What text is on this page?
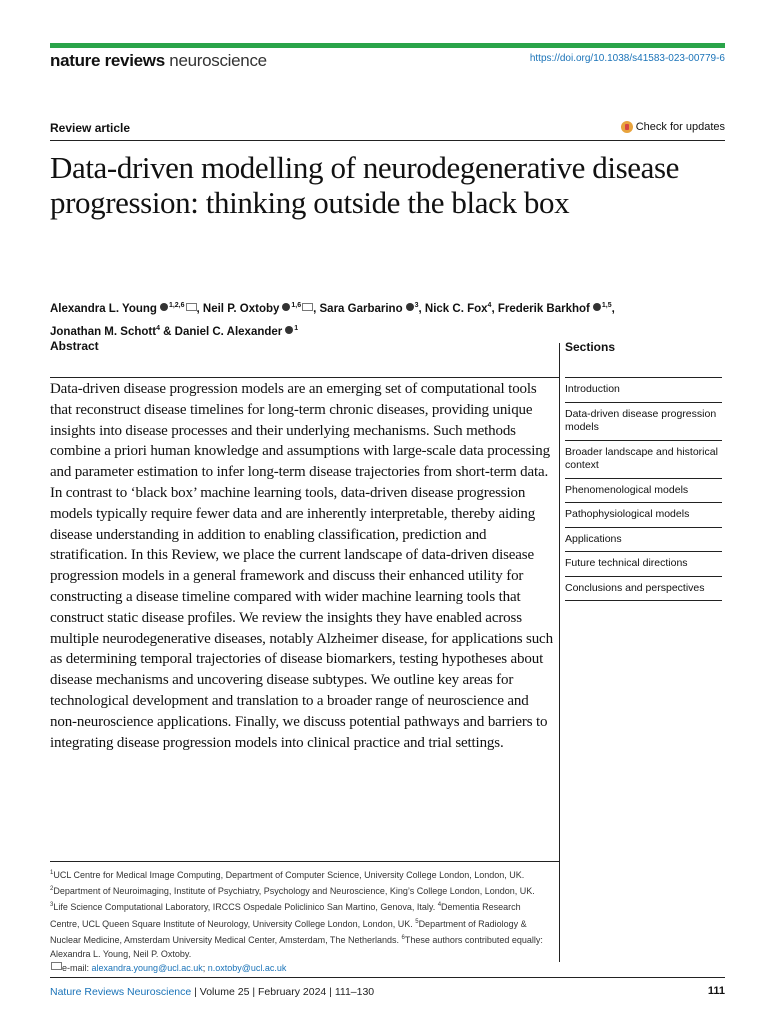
nature reviews neuroscience	https://doi.org/10.1038/s41583-023-00779-6
Review article	Check for updates
Data-driven modelling of neurodegenerative disease progression: thinking outside the black box
Alexandra L. Young $^{1,2,6}$ , Neil P. Oxtoby $^{1,6}$ , Sara Garbarino $^3$, Nick C. Fox$^4$, Frederik Barkhof $^{1,5}$,
Jonathan M. Schott$^4$ & Daniel C. Alexander $^1$
Abstract

Data-driven disease progression models are an emerging set of computational tools that reconstruct disease timelines for long-term chronic diseases, providing unique insights into disease processes and their underlying mechanisms. Such methods combine a priori human knowledge and assumptions with large-scale data processing and parameter estimation to infer long-term disease trajectories from short-term data. In contrast to ‘black box’ machine learning tools, data-driven disease progression models typically require fewer data and are inherently interpretable, thereby aiding disease understanding in addition to enabling classification, prediction and stratification. In this Review, we place the current landscape of data-driven disease progression models in a general framework and discuss their enhanced utility for constructing a disease timeline compared with wider machine learning tools that construct static disease profiles. We review the insights they have enabled across multiple neurodegenerative diseases, notably Alzheimer disease, for applications such as determining temporal trajectories of disease biomarkers, testing hypotheses about disease mechanisms and uncovering disease subtypes. We outline key areas for technological development and translation to a broader range of neuroscience and non-neuroscience applications. Finally, we discuss potential pathways and barriers to integrating disease progression models into clinical practice and trial settings.

$^1$UCL Centre for Medical Image Computing, Department of Computer Science, University College London, London, UK. $^2$Department of Neuroimaging, Institute of Psychiatry, Psychology and Neuroscience, King’s College London, London, UK. $^3$Life Science Computational Laboratory, IRCCS Ospedale Policlinico San Martino, Genova, Italy. $^4$Dementia Research Centre, UCL Queen Square Institute of Neurology, University College London, London, UK. $^5$Department of Radiology & Nuclear Medicine, Amsterdam University Medical Center, Amsterdam, The Netherlands. $^6$These authors contributed equally: Alexandra L. Young, Neil P. Oxtoby.
e-mail: alexandra.young@ucl.ac.uk; n.oxtoby@ucl.ac.uk
Sections
Introduction
Data-driven disease progression models
Broader landscape and historical context
Phenomenological models
Pathophysiological models
Applications
Future technical directions
Conclusions and perspectives
Nature Reviews Neuroscience | Volume 25 | February 2024 | 111–130	111
